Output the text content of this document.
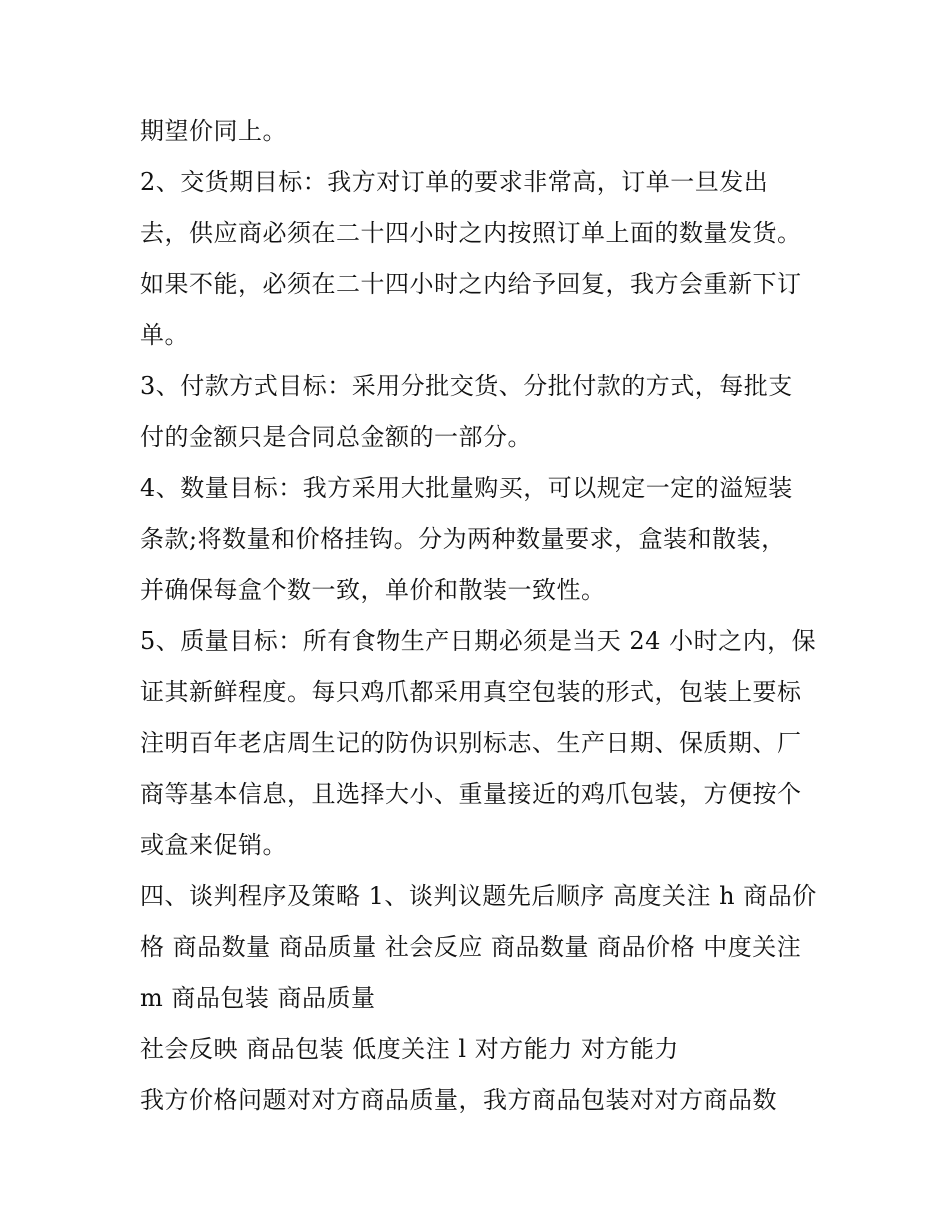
期望价同上。
2、交货期目标：我方对订单的要求非常高，订单一旦发出
去，供应商必须在二十四小时之内按照订单上面的数量发货。
如果不能，必须在二十四小时之内给予回复，我方会重新下订
单。
3、付款方式目标：采用分批交货、分批付款的方式，每批支
付的金额只是合同总金额的一部分。
4、数量目标：我方采用大批量购买，可以规定一定的溢短装
条款;将数量和价格挂钩。分为两种数量要求，盒装和散装，
并确保每盒个数一致，单价和散装一致性。
5、质量目标：所有食物生产日期必须是当天 24 小时之内，保
证其新鲜程度。每只鸡爪都采用真空包装的形式，包装上要标
注明百年老店周生记的防伪识别标志、生产日期、保质期、厂
商等基本信息，且选择大小、重量接近的鸡爪包装，方便按个
或盒来促销。
四、谈判程序及策略 1、谈判议题先后顺序 高度关注 h 商品价
格 商品数量 商品质量 社会反应 商品数量 商品价格 中度关注
m 商品包装 商品质量
社会反映 商品包装 低度关注 l 对方能力 对方能力
我方价格问题对对方商品质量，我方商品包装对对方商品数
